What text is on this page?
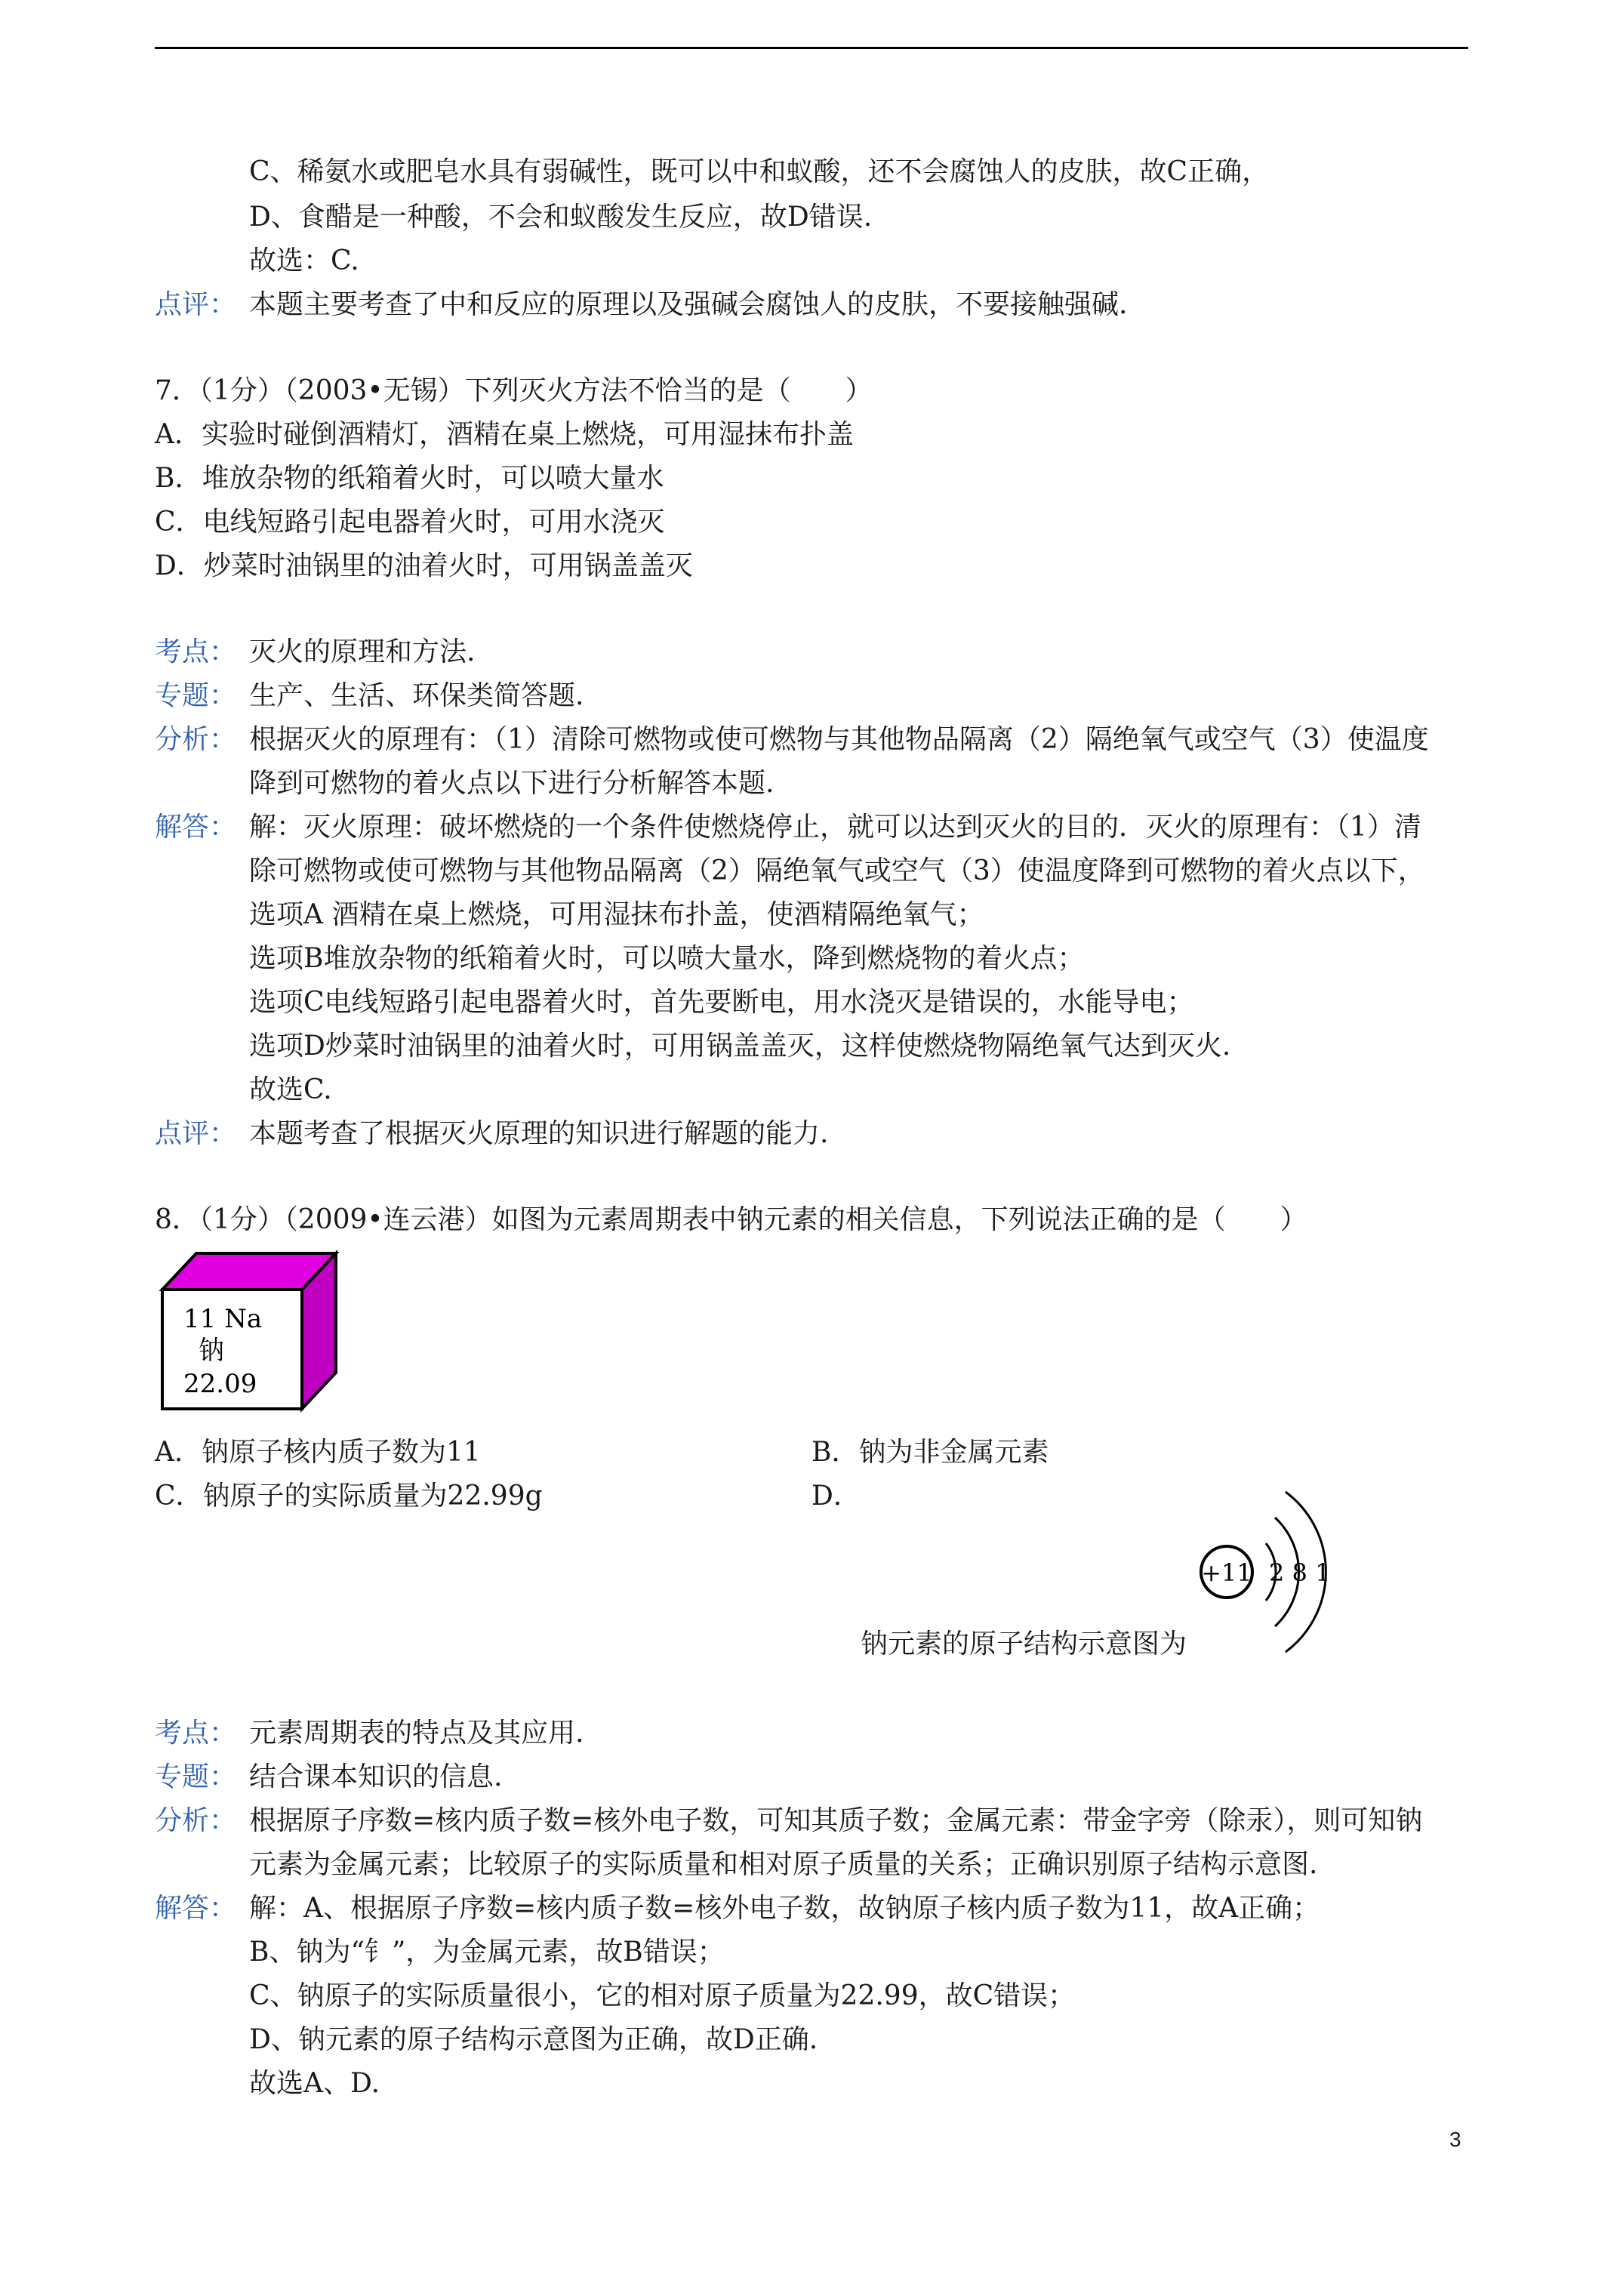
C、稀氨水或肥皂水具有弱碱性，既可以中和蚁酸，还不会腐蚀人的皮肤，故C正确，
D、食醋是一种酸，不会和蚁酸发生反应，故D错误.
故选：C.
点评： 本题主要考查了中和反应的原理以及强碱会腐蚀人的皮肤，不要接触强碱.
7．（1分）（2003•无锡）下列灭火方法不恰当的是（　　）
A．实验时碰倒酒精灯，酒精在桌上燃烧，可用湿抹布扑盖
B．堆放杂物的纸箱着火时，可以喷大量水
C．电线短路引起电器着火时，可用水浇灭
D．炒菜时油锅里的油着火时，可用锅盖盖灭
考点： 灭火的原理和方法.
专题： 生产、生活、环保类简答题.
分析： 根据灭火的原理有：（1）清除可燃物或使可燃物与其他物品隔离（2）隔绝氧气或空气（3）使温度
降到可燃物的着火点以下进行分析解答本题.
解答： 解：灭火原理：破坏燃烧的一个条件使燃烧停止，就可以达到灭火的目的．灭火的原理有：（1）清
除可燃物或使可燃物与其他物品隔离（2）隔绝氧气或空气（3）使温度降到可燃物的着火点以下，
选项A 酒精在桌上燃烧，可用湿抹布扑盖，使酒精隔绝氧气；
选项B堆放杂物的纸箱着火时，可以喷大量水，降到燃烧物的着火点；
选项C电线短路引起电器着火时，首先要断电，用水浇灭是错误的，水能导电；
选项D炒菜时油锅里的油着火时，可用锅盖盖灭，这样使燃烧物隔绝氧气达到灭火.
故选C.
点评： 本题考查了根据灭火原理的知识进行解题的能力.
8．（1分）（2009•连云港）如图为元素周期表中钠元素的相关信息，下列说法正确的是（　　）
11 Na
钠
22.09
A．钠原子核内质子数为11	B．钠为非金属元素
C．钠原子的实际质量为22.99g	D．
钠元素的原子结构示意图为
+11 2 8 1
考点： 元素周期表的特点及其应用.
专题： 结合课本知识的信息.
分析： 根据原子序数=核内质子数=核外电子数，可知其质子数；金属元素：带金字旁（除汞），则可知钠
元素为金属元素；比较原子的实际质量和相对原子质量的关系；正确识别原子结构示意图.
解答： 解：A、根据原子序数=核内质子数=核外电子数，故钠原子核内质子数为11，故A正确；
B、钠为“钅”，为金属元素，故B错误；
C、钠原子的实际质量很小，它的相对原子质量为22.99，故C错误；
D、钠元素的原子结构示意图为正确，故D正确.
故选A、D.
3
